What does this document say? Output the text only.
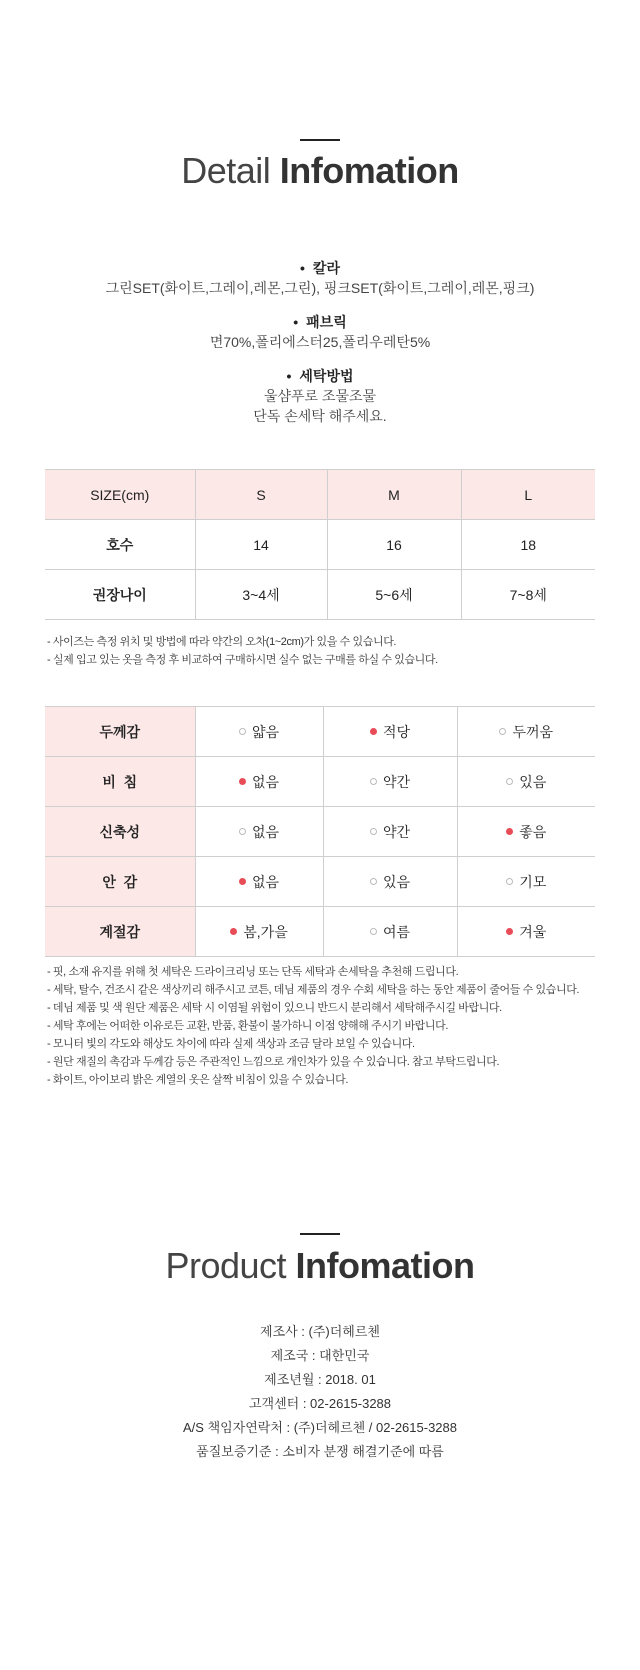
Detail Infomation
• 칼라
그린SET(화이트,그레이,레몬,그린), 핑크SET(화이트,그레이,레몬,핑크)
• 패브릭
면70%,폴리에스터25,폴리우레탄5%
• 세탁방법
울샴푸로 조물조물
단독 손세탁 해주세요.
SIZE(cm)	S	M	L
호수	14	16	18
권장나이	3~4세	5~6세	7~8세
- 사이즈는 측정 위치 및 방법에 따라 약간의 오차(1~2cm)가 있을 수 있습니다.
- 실제 입고 있는 옷을 측정 후 비교하여 구매하시면 실수 없는 구매를 하실 수 있습니다.
두께감	얇음	적당	두꺼움
비  침	없음	약간	있음
신축성	없음	약간	좋음
안  감	없음	있음	기모
계절감	봄,가을	여름	겨울
- 핏, 소재 유지를 위해 첫 세탁은 드라이크리닝 또는 단독 세탁과 손세탁을 추천해 드립니다.
- 세탁, 탈수, 건조시 같은 색상끼리 해주시고 코튼, 데님 제품의 경우 수회 세탁을 하는 동안 제품이 줄어들 수 있습니다.
- 데님 제품 및 색 원단 제품은 세탁 시 이염될 위험이 있으니 반드시 분리해서 세탁해주시길 바랍니다.
- 세탁 후에는 어떠한 이유로든 교환, 반품, 환불이 불가하니 이점 양해해 주시기 바랍니다.
- 모니터 빛의 각도와 해상도 차이에 따라 실제 색상과 조금 달라 보일 수 있습니다.
- 원단 재질의 촉감과 두께감 등은 주관적인 느낌으로 개인차가 있을 수 있습니다. 참고 부탁드립니다.
- 화이트, 아이보리 밝은 계열의 옷은 살짝 비침이 있을 수 있습니다.
Product Infomation
제조사 : (주)더헤르첸
제조국 : 대한민국
제조년월 : 2018. 01
고객센터 : 02-2615-3288
A/S 책임자연락처 : (주)더헤르첸 / 02-2615-3288
품질보증기준 : 소비자 분쟁 해결기준에 따름
